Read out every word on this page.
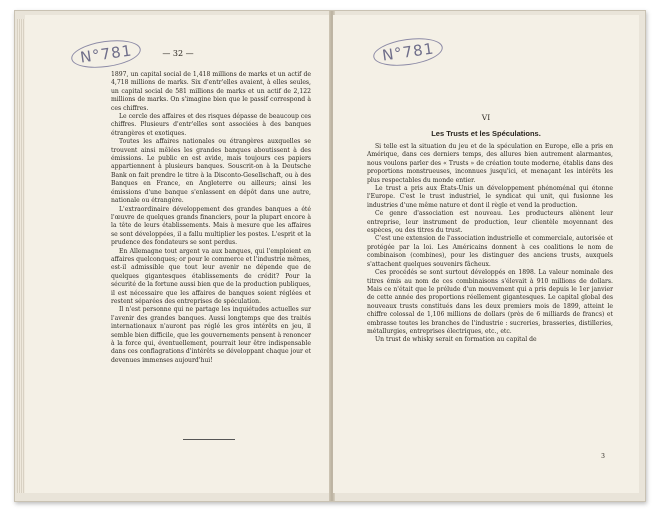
N°781	— 32 —

1897, un capital social de 1,418 millions de marks et un actif de 4,718 millions de marks. Six d'entr'elles avaient, à elles seules, un capital social de 581 millions de marks et un actif de 2,122 millions de marks. On s'imagine bien que le passif correspond à ces chiffres.

Le cercle des affaires et des risques dépasse de beaucoup ces chiffres. Plusieurs d'entr'elles sont associées à des banques étrangères et exotiques.

Toutes les affaires nationales ou étrangères auxquelles se trouvent ainsi mêlées les grandes banques aboutissent à des émissions. Le public en est avide, mais toujours ces papiers appartiennent à plusieurs banques. Souscrit-on à la Deutsche Bank on fait prendre le titre à la Disconto-Gesellschaft, ou à des Banques en France, en Angleterre ou ailleurs; ainsi les émissions d'une banque s'enlassent en dépôt dans une autre, nationale ou étrangère.

L'extraordinaire développement des grandes banques a été l'œuvre de quelques grands financiers, pour la plupart encore à la tête de leurs établissements. Mais à mesure que les affaires se sont développées, il a fallu multiplier les postes. L'esprit et la prudence des fondateurs se sont perdus.

En Allemagne tout argent va aux banques, qui l'emploient en affaires quelconques; or pour le commerce et l'industrie mêmes, est-il admissible que tout leur avenir ne dépende que de quelques gigantesques établissements de crédit? Pour la sécurité de la fortune aussi bien que de la production publiques, il est nécessaire que les affaires de banques soient réglées et restent séparées des entreprises de spéculation.

Il n'est personne qui ne partage les inquiétudes actuelles sur l'avenir des grandes banques. Aussi longtemps que des traités internationaux n'auront pas réglé les gros intérêts en jeu, il semble bien difficile, que les gouvernements pensent à renoncer à la force qui, éventuellement, pourrait leur être indispensable dans ces conflagrations d'intérêts se développant chaque jour et devenues immenses aujourd'hui!

N°781
VI
Les Trusts et les Spéculations.

Si telle est la situation du jeu et de la spéculation en Europe, elle a pris en Amérique, dans ces derniers temps, des allures bien autrement alarmantes, nous voulons parler des « Trusts » de création toute moderne, établis dans des proportions monstrueuses, inconnues jusqu'ici, et menaçant les intérêts les plus respectables du monde entier.

Le trust a pris aux États-Unis un développement phénoménal qui étonne l'Europe. C'est le trust industriel, le syndicat qui unit, qui fusionne les industries d'une même nature et dont il règle et vend la production.

Ce genre d'association est nouveau. Les producteurs aliènent leur entreprise, leur instrument de production, leur clientèle moyennant des espèces, ou des titres du trust.

C'est une extension de l'association industrielle et commerciale, autorisée et protégée par la loi. Les Américains donnent à ces coalitions le nom de combinaison (combines), pour les distinguer des anciens trusts, auxquels s'attachent quelques souvenirs fâcheux.

Ces procédés se sont surtout développés en 1898. La valeur nominale des titres émis au nom de ces combinaisons s'élevait à 910 millions de dollars. Mais ce n'était que le prélude d'un mouvement qui a pris depuis le 1er janvier de cette année des proportions réellement gigantesques. Le capital global des nouveaux trusts constitués dans les deux premiers mois de 1899, atteint le chiffre colossal de 1,106 millions de dollars (près de 6 milliards de francs) et embrasse toutes les branches de l'industrie : sucreries, brasseries, distilleries, métallurgies, entreprises électriques, etc., etc.

Un trust de whisky serait en formation au capital de

3
